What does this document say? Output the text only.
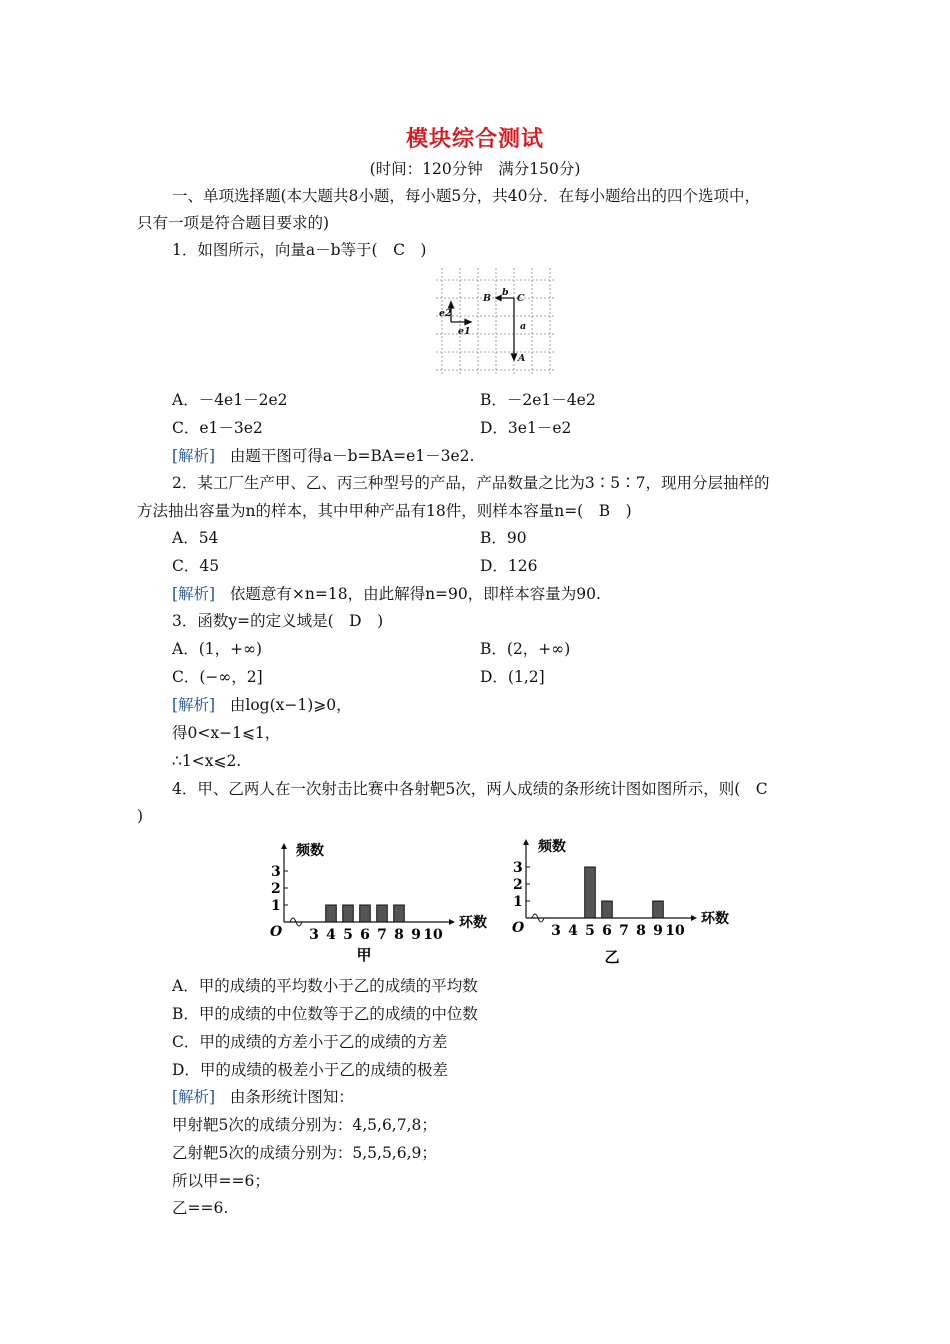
模块综合测试
(时间：120分钟　满分150分)
一、单项选择题(本大题共8小题，每小题5分，共40分．在每小题给出的四个选项中，
只有一项是符合题目要求的)
1．如图所示，向量a－b等于(　C　)
B
b
C
e2
e1	a
A
A．－4e1－2e2	B．－2e1－4e2
C．e1－3e2	D．3e1－e2
[解析] 由题干图可得a－b=BA=e1－3e2.
2．某工厂生产甲、乙、丙三种型号的产品，产品数量之比为3∶5∶7，现用分层抽样的
方法抽出容量为n的样本，其中甲种产品有18件，则样本容量n=(　B　)
A．54	B．90
C．45	D．126
[解析] 依题意有×n=18，由此解得n=90，即样本容量为90.
3．函数y=的定义域是(　D　)
A．(1，+∞)	B．(2，+∞)
C．(−∞，2]	D．(1,2]
[解析] 由log(x−1)⩾0，
得0<x−1⩽1，
∴1<x⩽2.
4．甲、乙两人在一次射击比赛中各射靶5次，两人成绩的条形统计图如图所示，则(　C
)
O
1
2
3
3 4 5 6 7 8 9 10
频数
环数
甲
O
1
2
3
3 4 5 6 7 8 9 10
频数
环数
乙
A．甲的成绩的平均数小于乙的成绩的平均数
B．甲的成绩的中位数等于乙的成绩的中位数
C．甲的成绩的方差小于乙的成绩的方差
D．甲的成绩的极差小于乙的成绩的极差
[解析] 由条形统计图知：
甲射靶5次的成绩分别为：4,5,6,7,8；
乙射靶5次的成绩分别为：5,5,5,6,9；
所以甲==6；
乙==6.
